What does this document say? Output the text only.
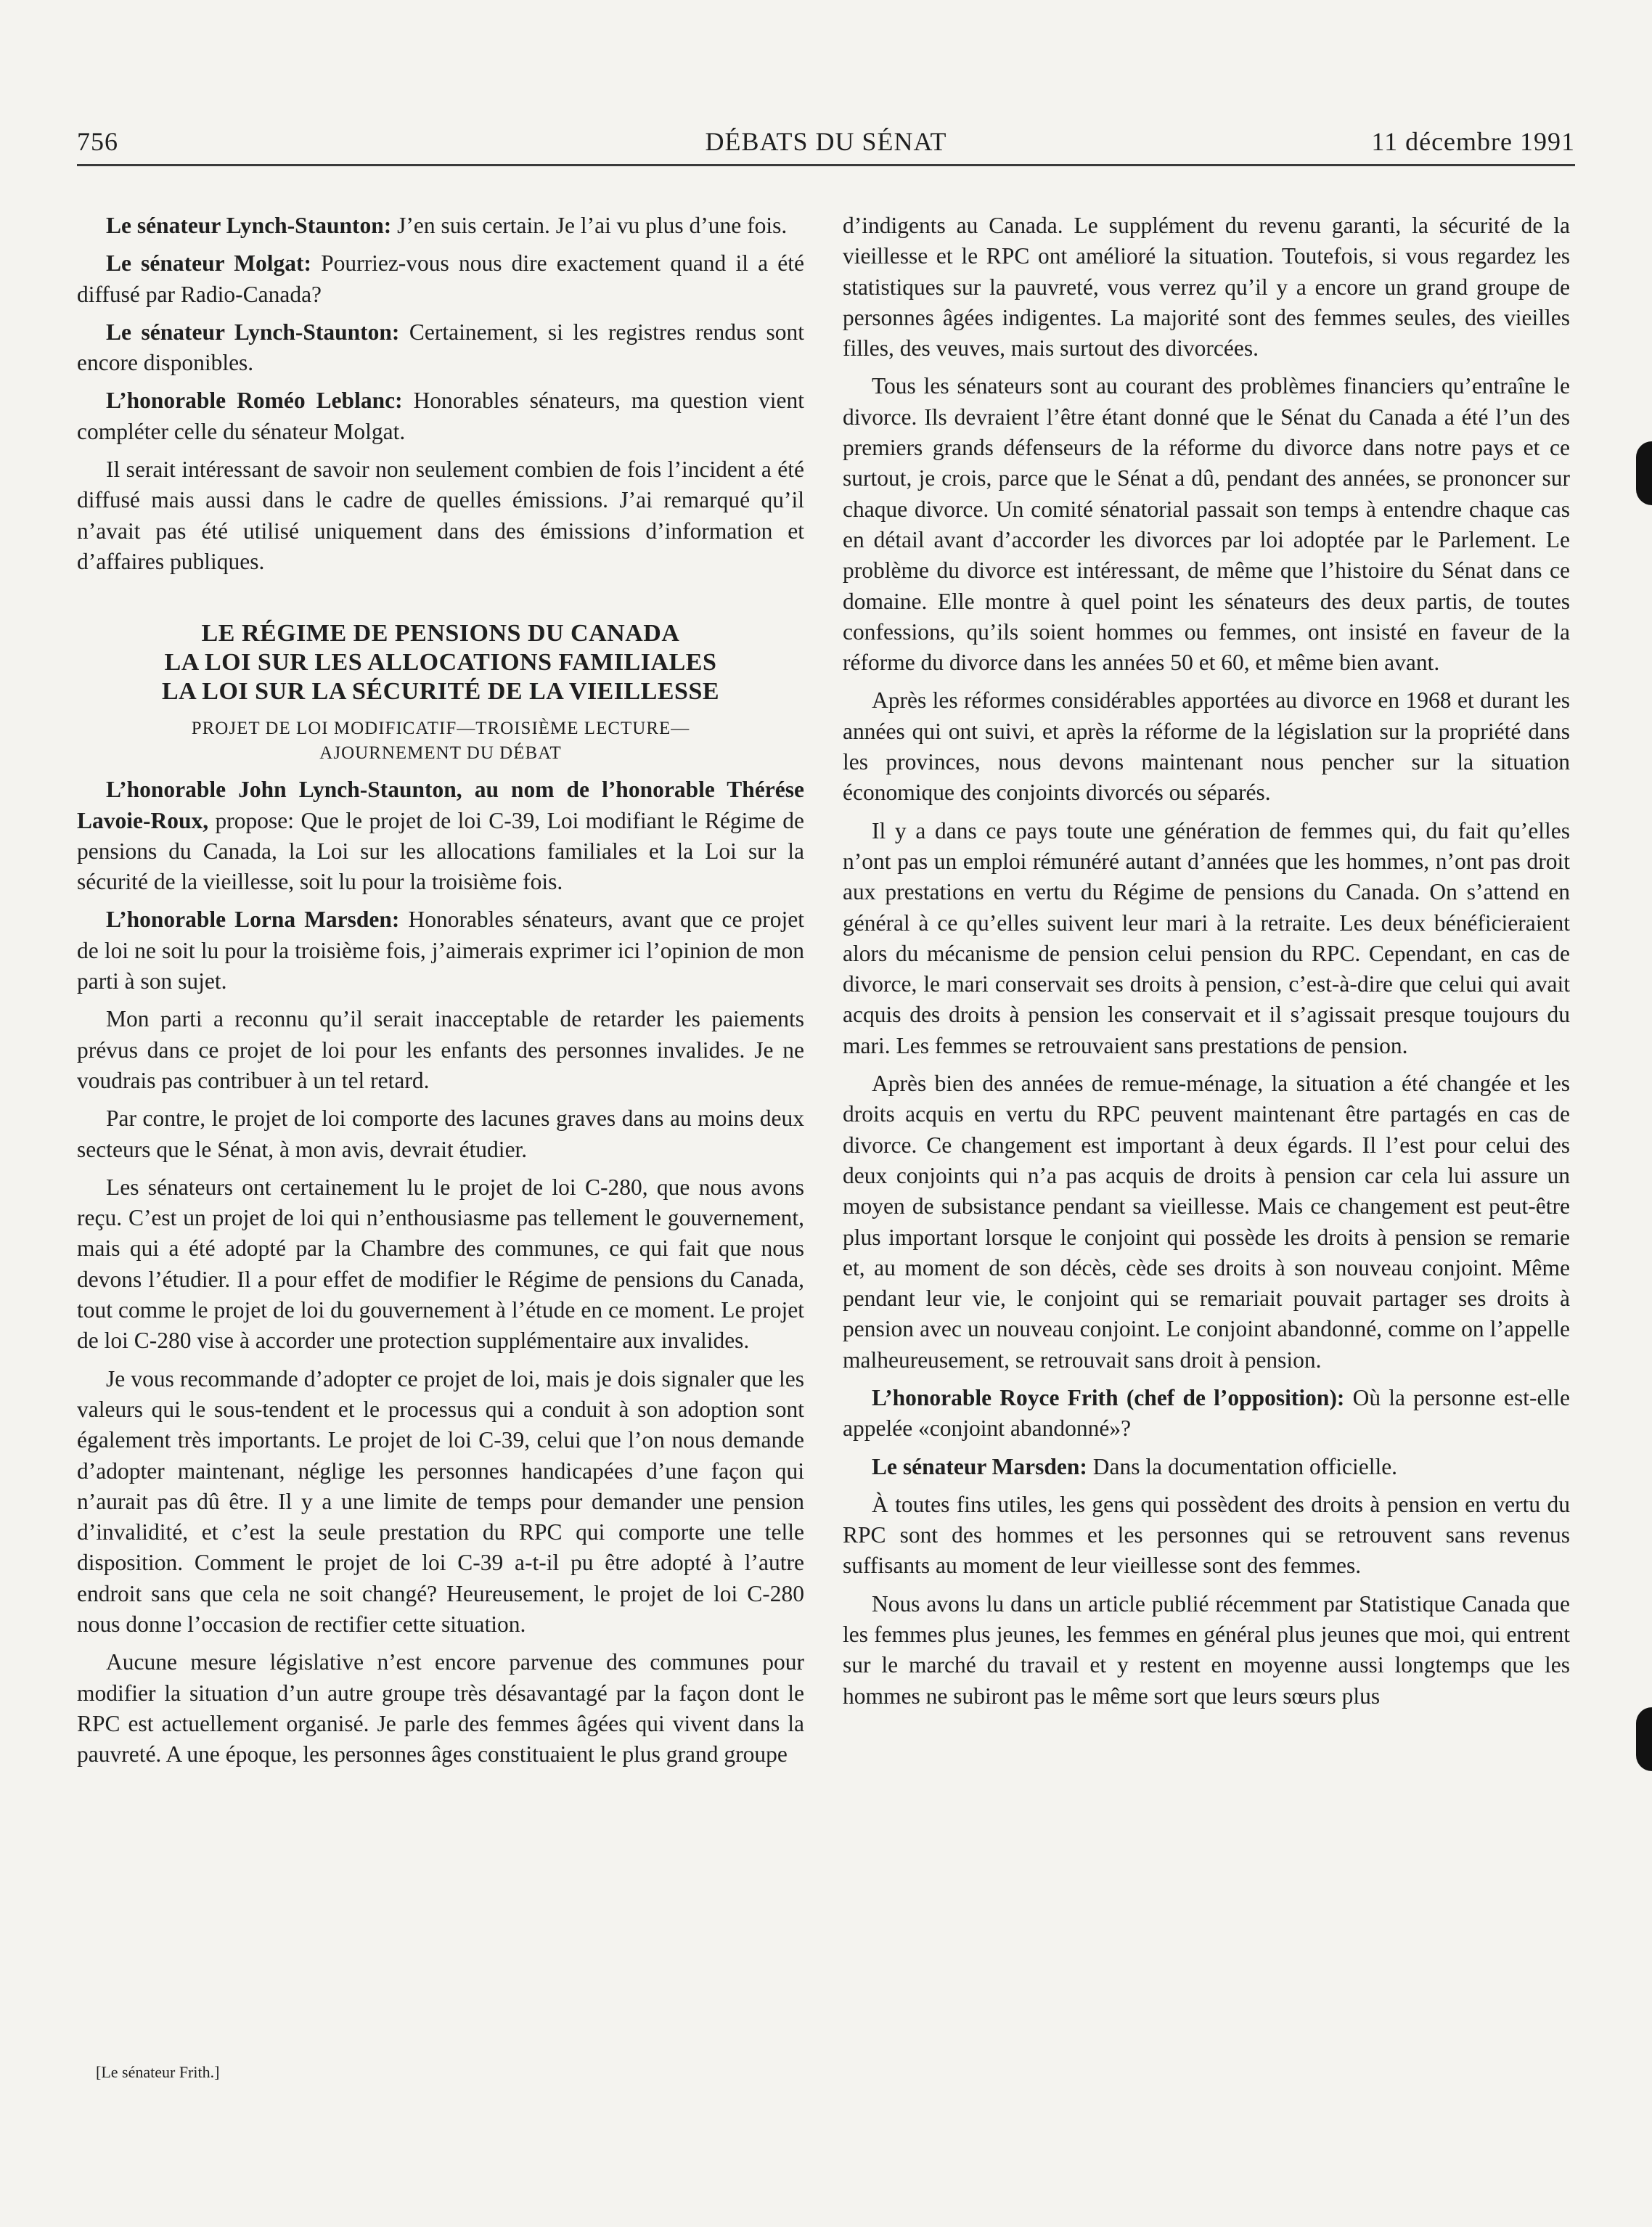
756	DÉBATS DU SÉNAT	11 décembre 1991

Le sénateur Lynch-Staunton: J’en suis certain. Je l’ai vu plus d’une fois.

Le sénateur Molgat: Pourriez-vous nous dire exactement quand il a été diffusé par Radio-Canada?

Le sénateur Lynch-Staunton: Certainement, si les registres rendus sont encore disponibles.

L’honorable Roméo Leblanc: Honorables sénateurs, ma question vient compléter celle du sénateur Molgat.

Il serait intéressant de savoir non seulement combien de fois l’incident a été diffusé mais aussi dans le cadre de quelles émissions. J’ai remarqué qu’il n’avait pas été utilisé uniquement dans des émissions d’information et d’affaires publiques.

LE RÉGIME DE PENSIONS DU CANADA
LA LOI SUR LES ALLOCATIONS FAMILIALES
LA LOI SUR LA SÉCURITÉ DE LA VIEILLESSE
PROJET DE LOI MODIFICATIF—TROISIÈME LECTURE—
AJOURNEMENT DU DÉBAT

L’honorable John Lynch-Staunton, au nom de l’honorable Thérése Lavoie-Roux, propose: Que le projet de loi C-39, Loi modifiant le Régime de pensions du Canada, la Loi sur les allocations familiales et la Loi sur la sécurité de la vieillesse, soit lu pour la troisième fois.

L’honorable Lorna Marsden: Honorables sénateurs, avant que ce projet de loi ne soit lu pour la troisième fois, j’aimerais exprimer ici l’opinion de mon parti à son sujet.

Mon parti a reconnu qu’il serait inacceptable de retarder les paiements prévus dans ce projet de loi pour les enfants des personnes invalides. Je ne voudrais pas contribuer à un tel retard.

Par contre, le projet de loi comporte des lacunes graves dans au moins deux secteurs que le Sénat, à mon avis, devrait étudier.

Les sénateurs ont certainement lu le projet de loi C-280, que nous avons reçu. C’est un projet de loi qui n’enthousiasme pas tellement le gouvernement, mais qui a été adopté par la Chambre des communes, ce qui fait que nous devons l’étudier. Il a pour effet de modifier le Régime de pensions du Canada, tout comme le projet de loi du gouvernement à l’étude en ce moment. Le projet de loi C-280 vise à accorder une protection supplémentaire aux invalides.

Je vous recommande d’adopter ce projet de loi, mais je dois signaler que les valeurs qui le sous-tendent et le processus qui a conduit à son adoption sont également très importants. Le projet de loi C-39, celui que l’on nous demande d’adopter maintenant, néglige les personnes handicapées d’une façon qui n’aurait pas dû être. Il y a une limite de temps pour demander une pension d’invalidité, et c’est la seule prestation du RPC qui comporte une telle disposition. Comment le projet de loi C-39 a-t-il pu être adopté à l’autre endroit sans que cela ne soit changé? Heureusement, le projet de loi C-280 nous donne l’occasion de rectifier cette situation.

Aucune mesure législative n’est encore parvenue des communes pour modifier la situation d’un autre groupe très désavantagé par la façon dont le RPC est actuellement organisé. Je parle des femmes âgées qui vivent dans la pauvreté. A une époque, les personnes âges constituaient le plus grand groupe

[Le sénateur Frith.]

d’indigents au Canada. Le supplément du revenu garanti, la sécurité de la vieillesse et le RPC ont amélioré la situation. Toutefois, si vous regardez les statistiques sur la pauvreté, vous verrez qu’il y a encore un grand groupe de personnes âgées indigentes. La majorité sont des femmes seules, des vieilles filles, des veuves, mais surtout des divorcées.

Tous les sénateurs sont au courant des problèmes financiers qu’entraîne le divorce. Ils devraient l’être étant donné que le Sénat du Canada a été l’un des premiers grands défenseurs de la réforme du divorce dans notre pays et ce surtout, je crois, parce que le Sénat a dû, pendant des années, se prononcer sur chaque divorce. Un comité sénatorial passait son temps à entendre chaque cas en détail avant d’accorder les divorces par loi adoptée par le Parlement. Le problème du divorce est intéressant, de même que l’histoire du Sénat dans ce domaine. Elle montre à quel point les sénateurs des deux partis, de toutes confessions, qu’ils soient hommes ou femmes, ont insisté en faveur de la réforme du divorce dans les années 50 et 60, et même bien avant.

Après les réformes considérables apportées au divorce en 1968 et durant les années qui ont suivi, et après la réforme de la législation sur la propriété dans les provinces, nous devons maintenant nous pencher sur la situation économique des conjoints divorcés ou séparés.

Il y a dans ce pays toute une génération de femmes qui, du fait qu’elles n’ont pas un emploi rémunéré autant d’années que les hommes, n’ont pas droit aux prestations en vertu du Régime de pensions du Canada. On s’attend en général à ce qu’elles suivent leur mari à la retraite. Les deux bénéficieraient alors du mécanisme de pension celui pension du RPC. Cependant, en cas de divorce, le mari conservait ses droits à pension, c’est-à-dire que celui qui avait acquis des droits à pension les conservait et il s’agissait presque toujours du mari. Les femmes se retrouvaient sans prestations de pension.

Après bien des années de remue-ménage, la situation a été changée et les droits acquis en vertu du RPC peuvent maintenant être partagés en cas de divorce. Ce changement est important à deux égards. Il l’est pour celui des deux conjoints qui n’a pas acquis de droits à pension car cela lui assure un moyen de subsistance pendant sa vieillesse. Mais ce changement est peut-être plus important lorsque le conjoint qui possède les droits à pension se remarie et, au moment de son décès, cède ses droits à son nouveau conjoint. Même pendant leur vie, le conjoint qui se remariait pouvait partager ses droits à pension avec un nouveau conjoint. Le conjoint abandonné, comme on l’appelle malheureusement, se retrouvait sans droit à pension.

L’honorable Royce Frith (chef de l’opposition): Où la personne est-elle appelée «conjoint abandonné»?

Le sénateur Marsden: Dans la documentation officielle.

À toutes fins utiles, les gens qui possèdent des droits à pension en vertu du RPC sont des hommes et les personnes qui se retrouvent sans revenus suffisants au moment de leur vieillesse sont des femmes.

Nous avons lu dans un article publié récemment par Statistique Canada que les femmes plus jeunes, les femmes en général plus jeunes que moi, qui entrent sur le marché du travail et y restent en moyenne aussi longtemps que les hommes ne subiront pas le même sort que leurs sœurs plus
